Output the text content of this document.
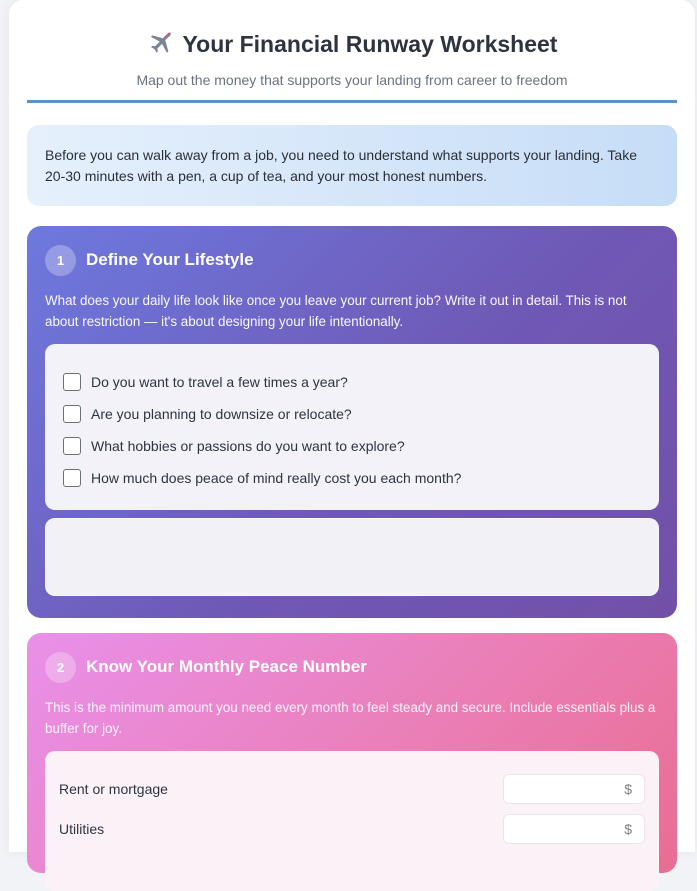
Your Financial Runway Worksheet
Map out the money that supports your landing from career to freedom
Before you can walk away from a job, you need to understand what supports your landing. Take 20-30 minutes with a pen, a cup of tea, and your most honest numbers.
1	Define Your Lifestyle
What does your daily life look like once you leave your current job? Write it out in detail. This is not about restriction — it's about designing your life intentionally.
Do you want to travel a few times a year?
Are you planning to downsize or relocate?
What hobbies or passions do you want to explore?
How much does peace of mind really cost you each month?
2	Know Your Monthly Peace Number
This is the minimum amount you need every month to feel steady and secure. Include essentials plus a buffer for joy.
Rent or mortgage	$
Utilities	$
